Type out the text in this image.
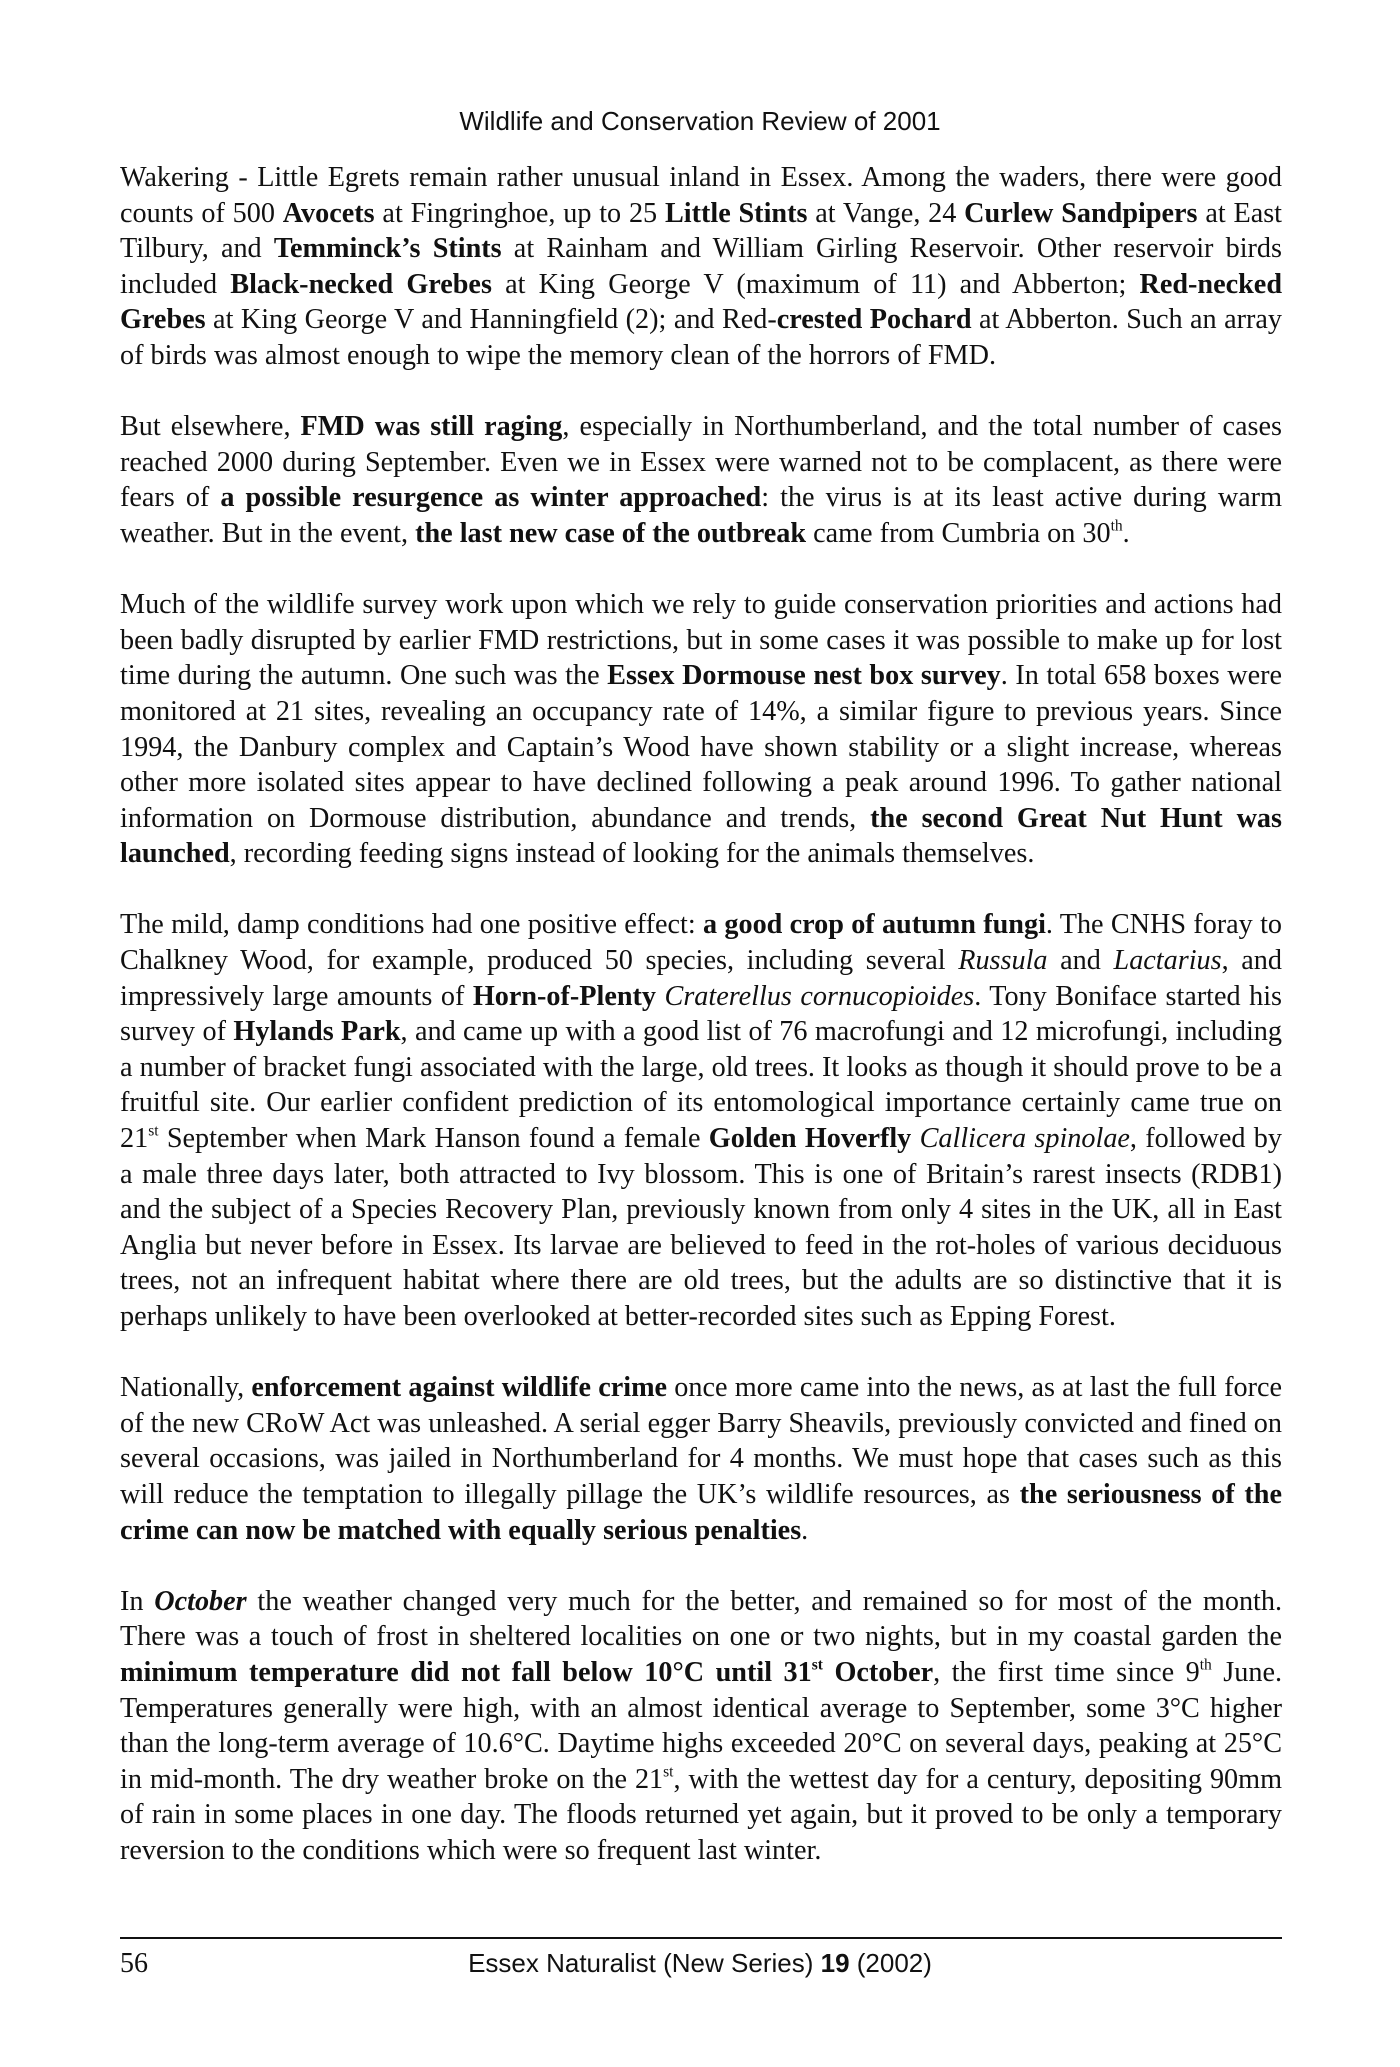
Wildlife and Conservation Review of 2001

Wakering - Little Egrets remain rather unusual inland in Essex. Among the waders, there were good counts of 500 Avocets at Fingringhoe, up to 25 Little Stints at Vange, 24 Curlew Sandpipers at East Tilbury, and Temminck’s Stints at Rainham and William Girling Reservoir. Other reservoir birds included Black-necked Grebes at King George V (maximum of 11) and Abberton; Red-necked Grebes at King George V and Hanningfield (2); and Red-crested Pochard at Abberton. Such an array of birds was almost enough to wipe the memory clean of the horrors of FMD.

But elsewhere, FMD was still raging, especially in Northumberland, and the total number of cases reached 2000 during September. Even we in Essex were warned not to be complacent, as there were fears of a possible resurgence as winter approached: the virus is at its least active during warm weather. But in the event, the last new case of the outbreak came from Cumbria on 30th.

Much of the wildlife survey work upon which we rely to guide conservation priorities and actions had been badly disrupted by earlier FMD restrictions, but in some cases it was possible to make up for lost time during the autumn. One such was the Essex Dormouse nest box survey. In total 658 boxes were monitored at 21 sites, revealing an occupancy rate of 14%, a similar figure to previous years. Since 1994, the Danbury complex and Captain’s Wood have shown stability or a slight increase, whereas other more isolated sites appear to have declined following a peak around 1996. To gather national information on Dormouse distribution, abundance and trends, the second Great Nut Hunt was launched, recording feeding signs instead of looking for the animals themselves.

The mild, damp conditions had one positive effect: a good crop of autumn fungi. The CNHS foray to Chalkney Wood, for example, produced 50 species, including several Russula and Lactarius, and impressively large amounts of Horn-of-Plenty Craterellus cornucopioides. Tony Boniface started his survey of Hylands Park, and came up with a good list of 76 macrofungi and 12 microfungi, including a number of bracket fungi associated with the large, old trees. It looks as though it should prove to be a fruitful site. Our earlier confident prediction of its entomological importance certainly came true on 21st September when Mark Hanson found a female Golden Hoverfly Callicera spinolae, followed by a male three days later, both attracted to Ivy blossom. This is one of Britain’s rarest insects (RDB1) and the subject of a Species Recovery Plan, previously known from only 4 sites in the UK, all in East Anglia but never before in Essex. Its larvae are believed to feed in the rot-holes of various deciduous trees, not an infrequent habitat where there are old trees, but the adults are so distinctive that it is perhaps unlikely to have been overlooked at better-recorded sites such as Epping Forest.

Nationally, enforcement against wildlife crime once more came into the news, as at last the full force of the new CRoW Act was unleashed. A serial egger Barry Sheavils, previously convicted and fined on several occasions, was jailed in Northumberland for 4 months. We must hope that cases such as this will reduce the temptation to illegally pillage the UK’s wildlife resources, as the seriousness of the crime can now be matched with equally serious penalties.

In October the weather changed very much for the better, and remained so for most of the month. There was a touch of frost in sheltered localities on one or two nights, but in my coastal garden the minimum temperature did not fall below 10°C until 31st October, the first time since 9th June. Temperatures generally were high, with an almost identical average to September, some 3°C higher than the long-term average of 10.6°C. Daytime highs exceeded 20°C on several days, peaking at 25°C in mid-month. The dry weather broke on the 21st, with the wettest day for a century, depositing 90mm of rain in some places in one day. The floods returned yet again, but it proved to be only a temporary reversion to the conditions which were so frequent last winter.

56	Essex Naturalist (New Series) 19 (2002)
